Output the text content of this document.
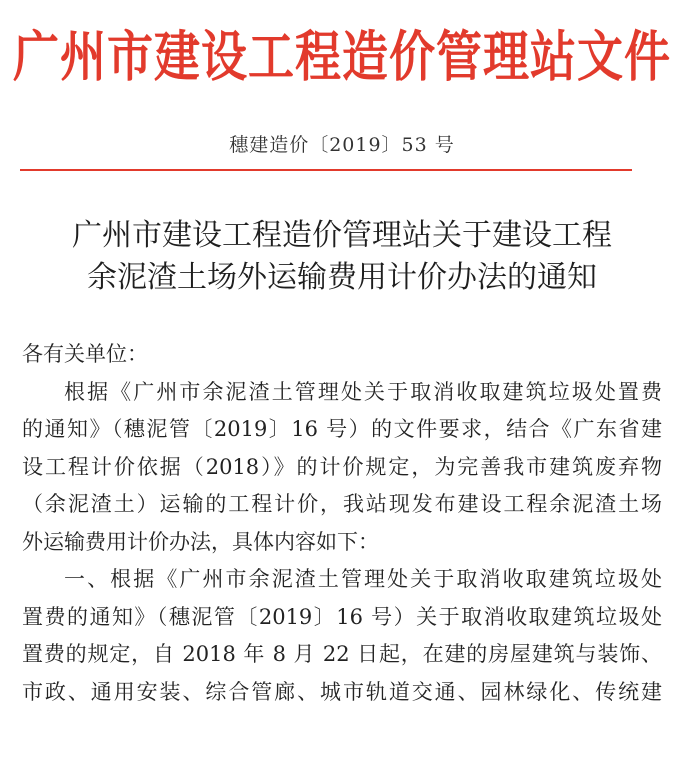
广州市建设工程造价管理站文件
穗建造价〔2019〕53 号
广州市建设工程造价管理站关于建设工程
余泥渣土场外运输费用计价办法的通知
各有关单位：
根据《广州市余泥渣土管理处关于取消收取建筑垃圾处置费
的通知》（穗泥管〔2019〕16 号）的文件要求，结合《广东省建
设工程计价依据（2018）》的计价规定，为完善我市建筑废弃物
（余泥渣土）运输的工程计价，我站现发布建设工程余泥渣土场
外运输费用计价办法，具体内容如下：
一、根据《广州市余泥渣土管理处关于取消收取建筑垃圾处
置费的通知》（穗泥管〔2019〕16 号）关于取消收取建筑垃圾处
置费的规定，自 2018 年 8 月 22 日起，在建的房屋建筑与装饰、
市政、通用安装、综合管廊、城市轨道交通、园林绿化、传统建
